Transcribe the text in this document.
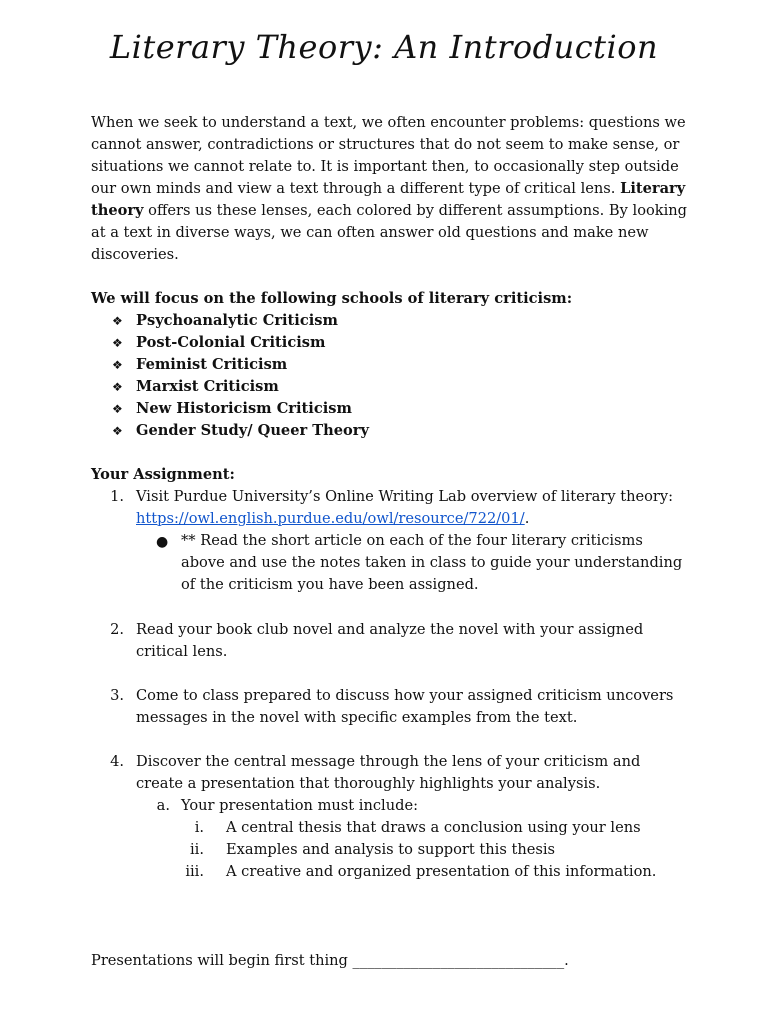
Literary Theory: An Introduction
When we seek to understand a text, we often encounter problems: questions we cannot answer, contradictions or structures that do not seem to make sense, or situations we cannot relate to. It is important then, to occasionally step outside our own minds and view a text through a different type of critical lens. Literary theory offers us these lenses, each colored by different assumptions. By looking at a text in diverse ways, we can often answer old questions and make new discoveries.
We will focus on the following schools of literary criticism:
❖ Psychoanalytic Criticism
❖ Post-Colonial Criticism
❖ Feminist Criticism
❖ Marxist Criticism
❖ New Historicism Criticism
❖ Gender Study/ Queer Theory
Your Assignment:
1. Visit Purdue University’s Online Writing Lab overview of literary theory:
https://owl.english.purdue.edu/owl/resource/722/01/.
● ** Read the short article on each of the four literary criticisms above and use the notes taken in class to guide your understanding of the criticism you have been assigned.
2. Read your book club novel and analyze the novel with your assigned critical lens.
3. Come to class prepared to discuss how your assigned criticism uncovers messages in the novel with specific examples from the text.
4. Discover the central message through the lens of your criticism and create a presentation that thoroughly highlights your analysis.
a. Your presentation must include:
i. A central thesis that draws a conclusion using your lens
ii. Examples and analysis to support this thesis
iii. A creative and organized presentation of this information.
Presentations will begin first thing _____________________________.
